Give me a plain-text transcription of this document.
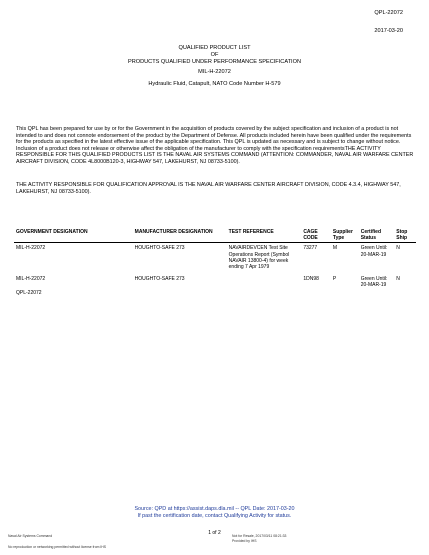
QPL-22072
2017-03-20
QUALIFIED PRODUCT LIST
OF
PRODUCTS QUALIFIED UNDER PERFORMANCE SPECIFICATION
MIL-H-22072
Hydraulic Fluid, Catapult, NATO Code Number H-579
This QPL has been prepared for use by or for the Government in the acquisition of products covered by the subject specification and inclusion of a product is not intended to and does not connote endorsement of the product by the Department of Defense. All products included herein have been qualified under the requirements for the products as specified in the latest effective issue of the applicable specification. This QPL is updated as necessary and is subject to change without notice. Inclusion of a product does not release or otherwise affect the obligation of the manufacturer to comply with the specification requirementsTHE ACTIVITY RESPONSIBLE FOR THIS QUALIFIED PRODUCTS LIST IS THE NAVAL AIR SYSTEMS COMMAND (ATTENTION: COMMANDER, NAVAL AIR WARFARE CENTER AIRCRAFT DIVISION, CODE 4L8000B120-3, HIGHWAY 547, LAKEHURST, NJ 08733-5100).
THE ACTIVITY RESPONSIBLE FOR QUALIFICATION APPROVAL IS THE NAVAL AIR WARFARE CENTER AIRCRAFT DIVISION, CODE 4.3.4, HIGHWAY 547, LAKEHURST, NJ 08733-5100).
GOVERNMENT DESIGNATION	MANUFACTURER DESIGNATION	TEST REFERENCE	CAGE CODE	Supplier Type	Certified Status	Stop Ship
MIL-H-22072	HOUGHTO-SAFE 273	NAVAIRDEVCEN Test Site Operations Report (Symbol NAVAIR 13800-4) for week ending 7 Apr 1979	73277	M	Green Until: 20-MAR-19	N
MIL-H-22072	HOUGHTO-SAFE 273		1DN98	P	Green Until: 20-MAR-19	N
QPL-22072
Source: QPD at https://assist.daps.dla.mil -- QPL Date: 2017-03-20
If past the certification date, contact Qualifying Activity for status.
1 of 2
Naval Air Systems Command
No reproduction or networking permitted without license from IHS
Not for Resale, 2017/03/11 08:21:33
Provided by IHS
